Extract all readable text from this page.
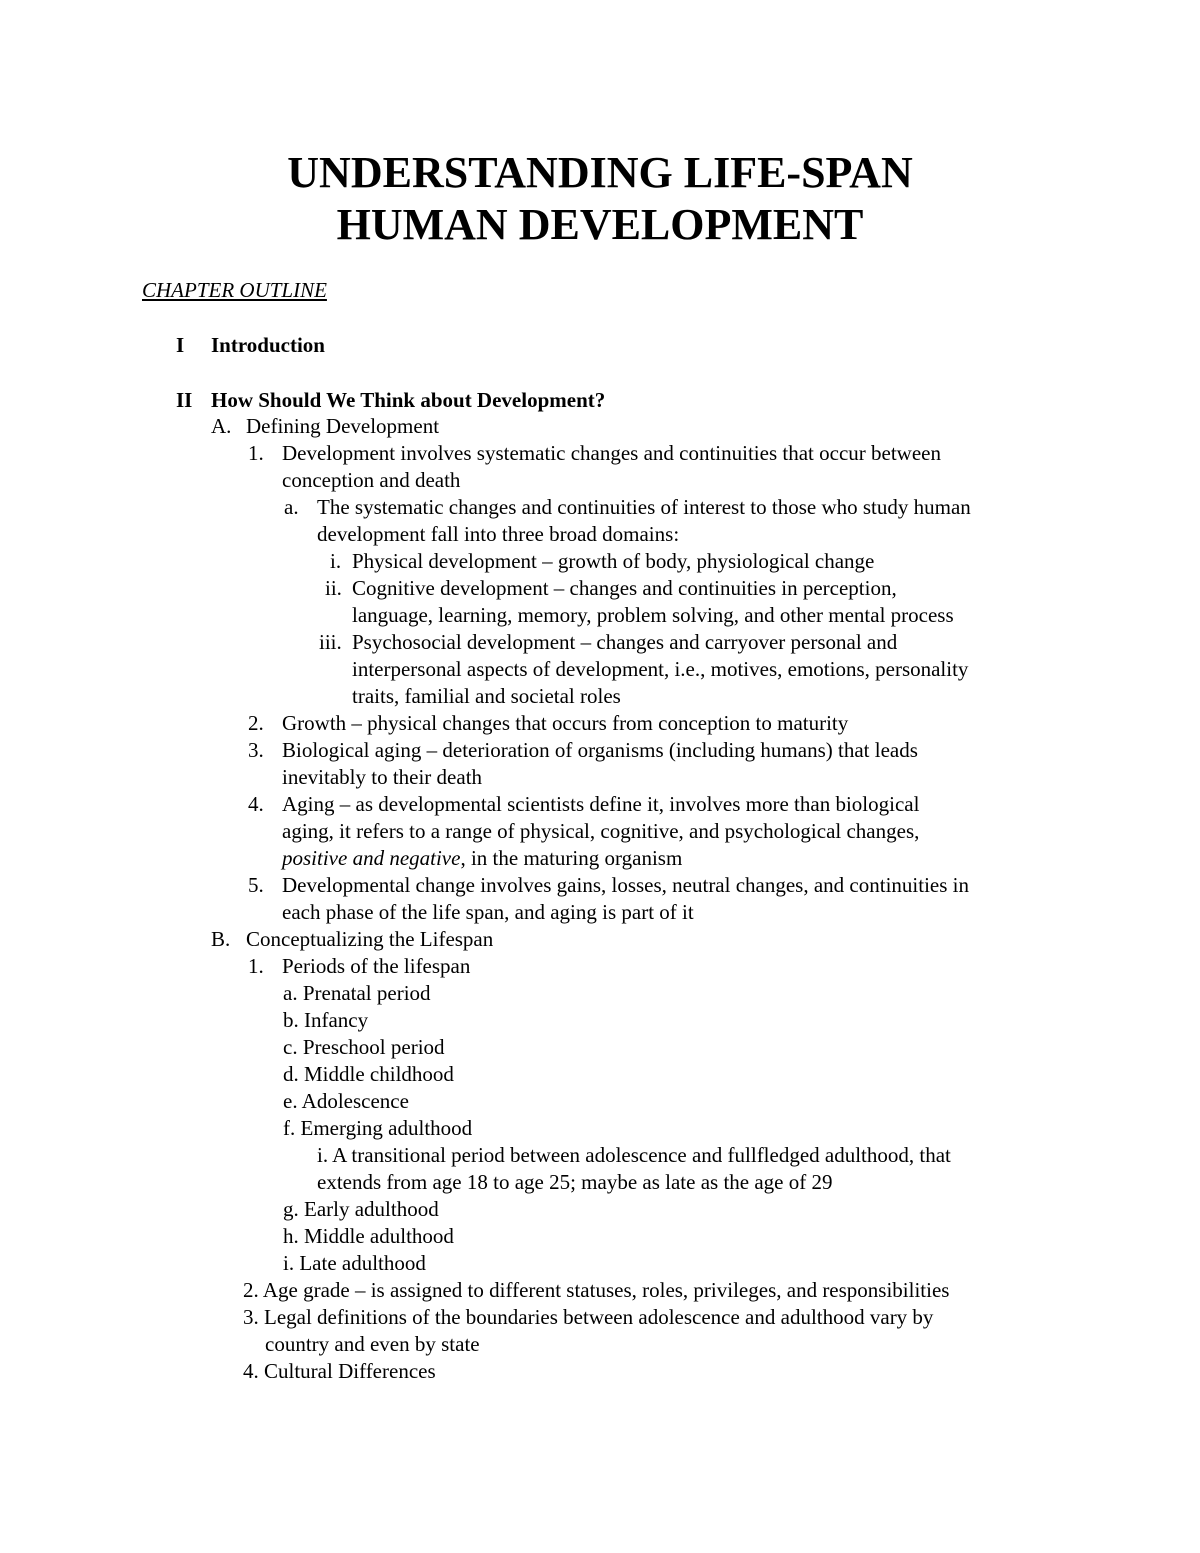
UNDERSTANDING LIFE-SPAN
HUMAN DEVELOPMENT

CHAPTER OUTLINE

I Introduction

II How Should We Think about Development?

A. Defining Development

1. Development involves systematic changes and continuities that occur between

conception and death

a. The systematic changes and continuities of interest to those who study human

development fall into three broad domains:

i. Physical development – growth of body, physiological change

ii. Cognitive development – changes and continuities in perception,

language, learning, memory, problem solving, and other mental process

iii. Psychosocial development – changes and carryover personal and

interpersonal aspects of development, i.e., motives, emotions, personality

traits, familial and societal roles

2. Growth – physical changes that occurs from conception to maturity

3. Biological aging – deterioration of organisms (including humans) that leads

inevitably to their death

4. Aging – as developmental scientists define it, involves more than biological

aging, it refers to a range of physical, cognitive, and psychological changes,

positive and negative, in the maturing organism

5. Developmental change involves gains, losses, neutral changes, and continuities in

each phase of the life span, and aging is part of it

B. Conceptualizing the Lifespan

1. Periods of the lifespan

a. Prenatal period

b. Infancy

c. Preschool period

d. Middle childhood

e. Adolescence

f. Emerging adulthood

i. A transitional period between adolescence and fullfledged adulthood, that

extends from age 18 to age 25; maybe as late as the age of 29

g. Early adulthood

h. Middle adulthood

i. Late adulthood

2. Age grade – is assigned to different statuses, roles, privileges, and responsibilities

3. Legal definitions of the boundaries between adolescence and adulthood vary by

country and even by state

4. Cultural Differences
